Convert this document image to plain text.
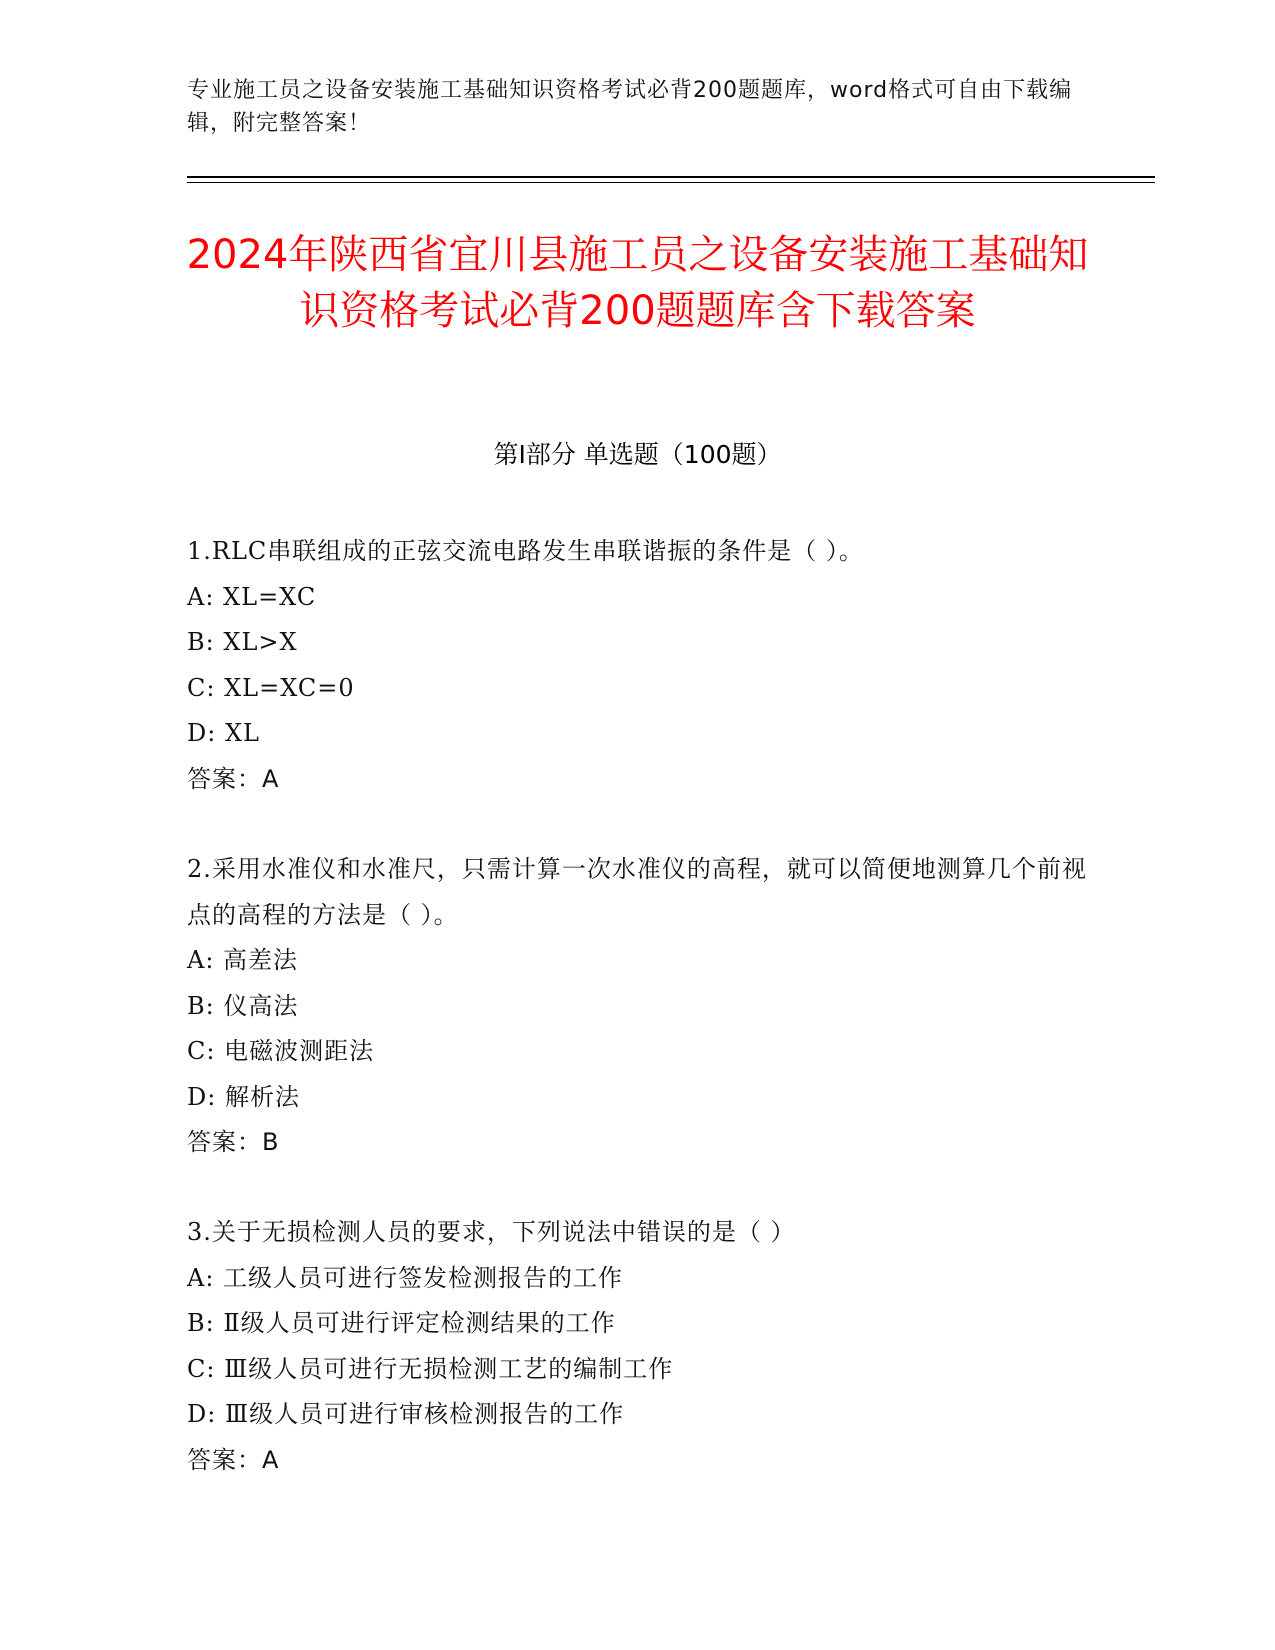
专业施工员之设备安装施工基础知识资格考试必背200题题库，word格式可自由下载编辑，附完整答案！
2024年陕西省宜川县施工员之设备安装施工基础知识资格考试必背200题题库含下载答案
第Ⅰ部分 单选题（100题）
1.RLC串联组成的正弦交流电路发生串联谐振的条件是（ ）。
A: XL=XC
B: XL>X
C: XL=XC=0
D: XL
答案：A
2.采用水准仪和水准尺，只需计算一次水准仪的高程，就可以简便地测算几个前视点的高程的方法是（ ）。
A: 高差法
B: 仪高法
C: 电磁波测距法
D: 解析法
答案：B
3.关于无损检测人员的要求，下列说法中错误的是（ ）
A: 工级人员可进行签发检测报告的工作
B: Ⅱ级人员可进行评定检测结果的工作
C: Ⅲ级人员可进行无损检测工艺的编制工作
D: Ⅲ级人员可进行审核检测报告的工作
答案：A
